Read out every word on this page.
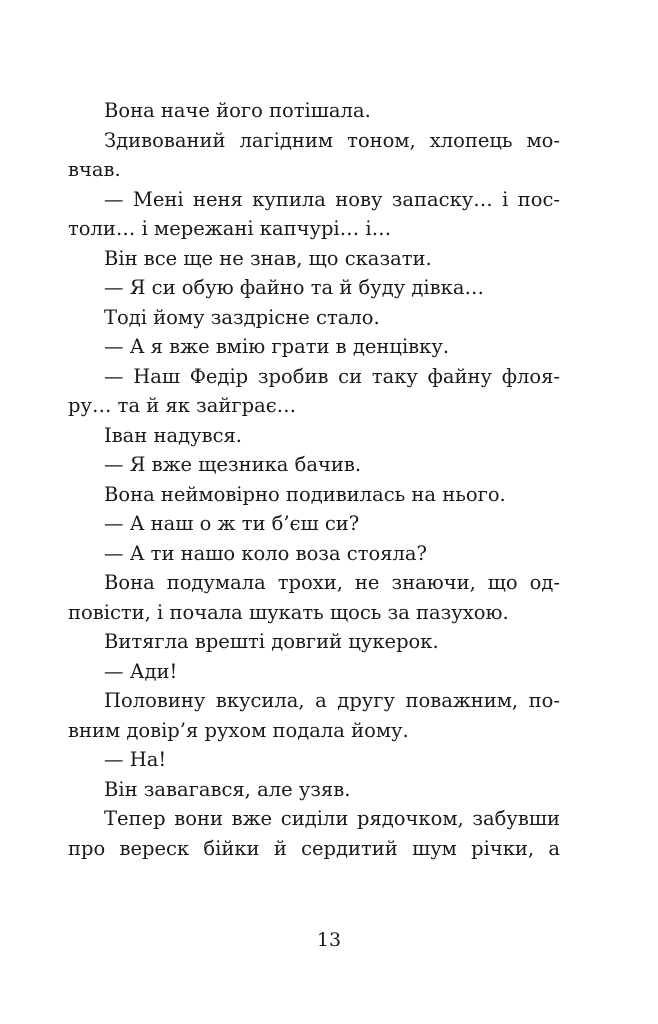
Вона наче його потішала.
Здивований лагідним тоном, хлопець мо-
вчав.
— Мені неня купила нову запаску… і пос-
толи… і мережані капчурі… і…
Він все ще не знав, що сказати.
— Я си обую файно та й буду дівка…
Тоді йому заздрісне стало.
— А я вже вмію грати в денцівку.
— Наш Федір зробив си таку файну флоя-
ру… та й як зайграє…
Іван надувся.
— Я вже щезника бачив.
Вона неймовірно подивилась на нього.
— А наш о ж ти б’єш си?
— А ти нашо коло воза стояла?
Вона подумала трохи, не знаючи, що од-
повісти, і почала шукать щось за пазухою.
Витягла врешті довгий цукерок.
— Ади!
Половину вкусила, а другу поважним, по-
вним довір’я рухом подала йому.
— На!
Він завагався, але узяв.
Тепер вони вже сиділи рядочком, забувши
про вереск бійки й сердитий шум річки, а
13
